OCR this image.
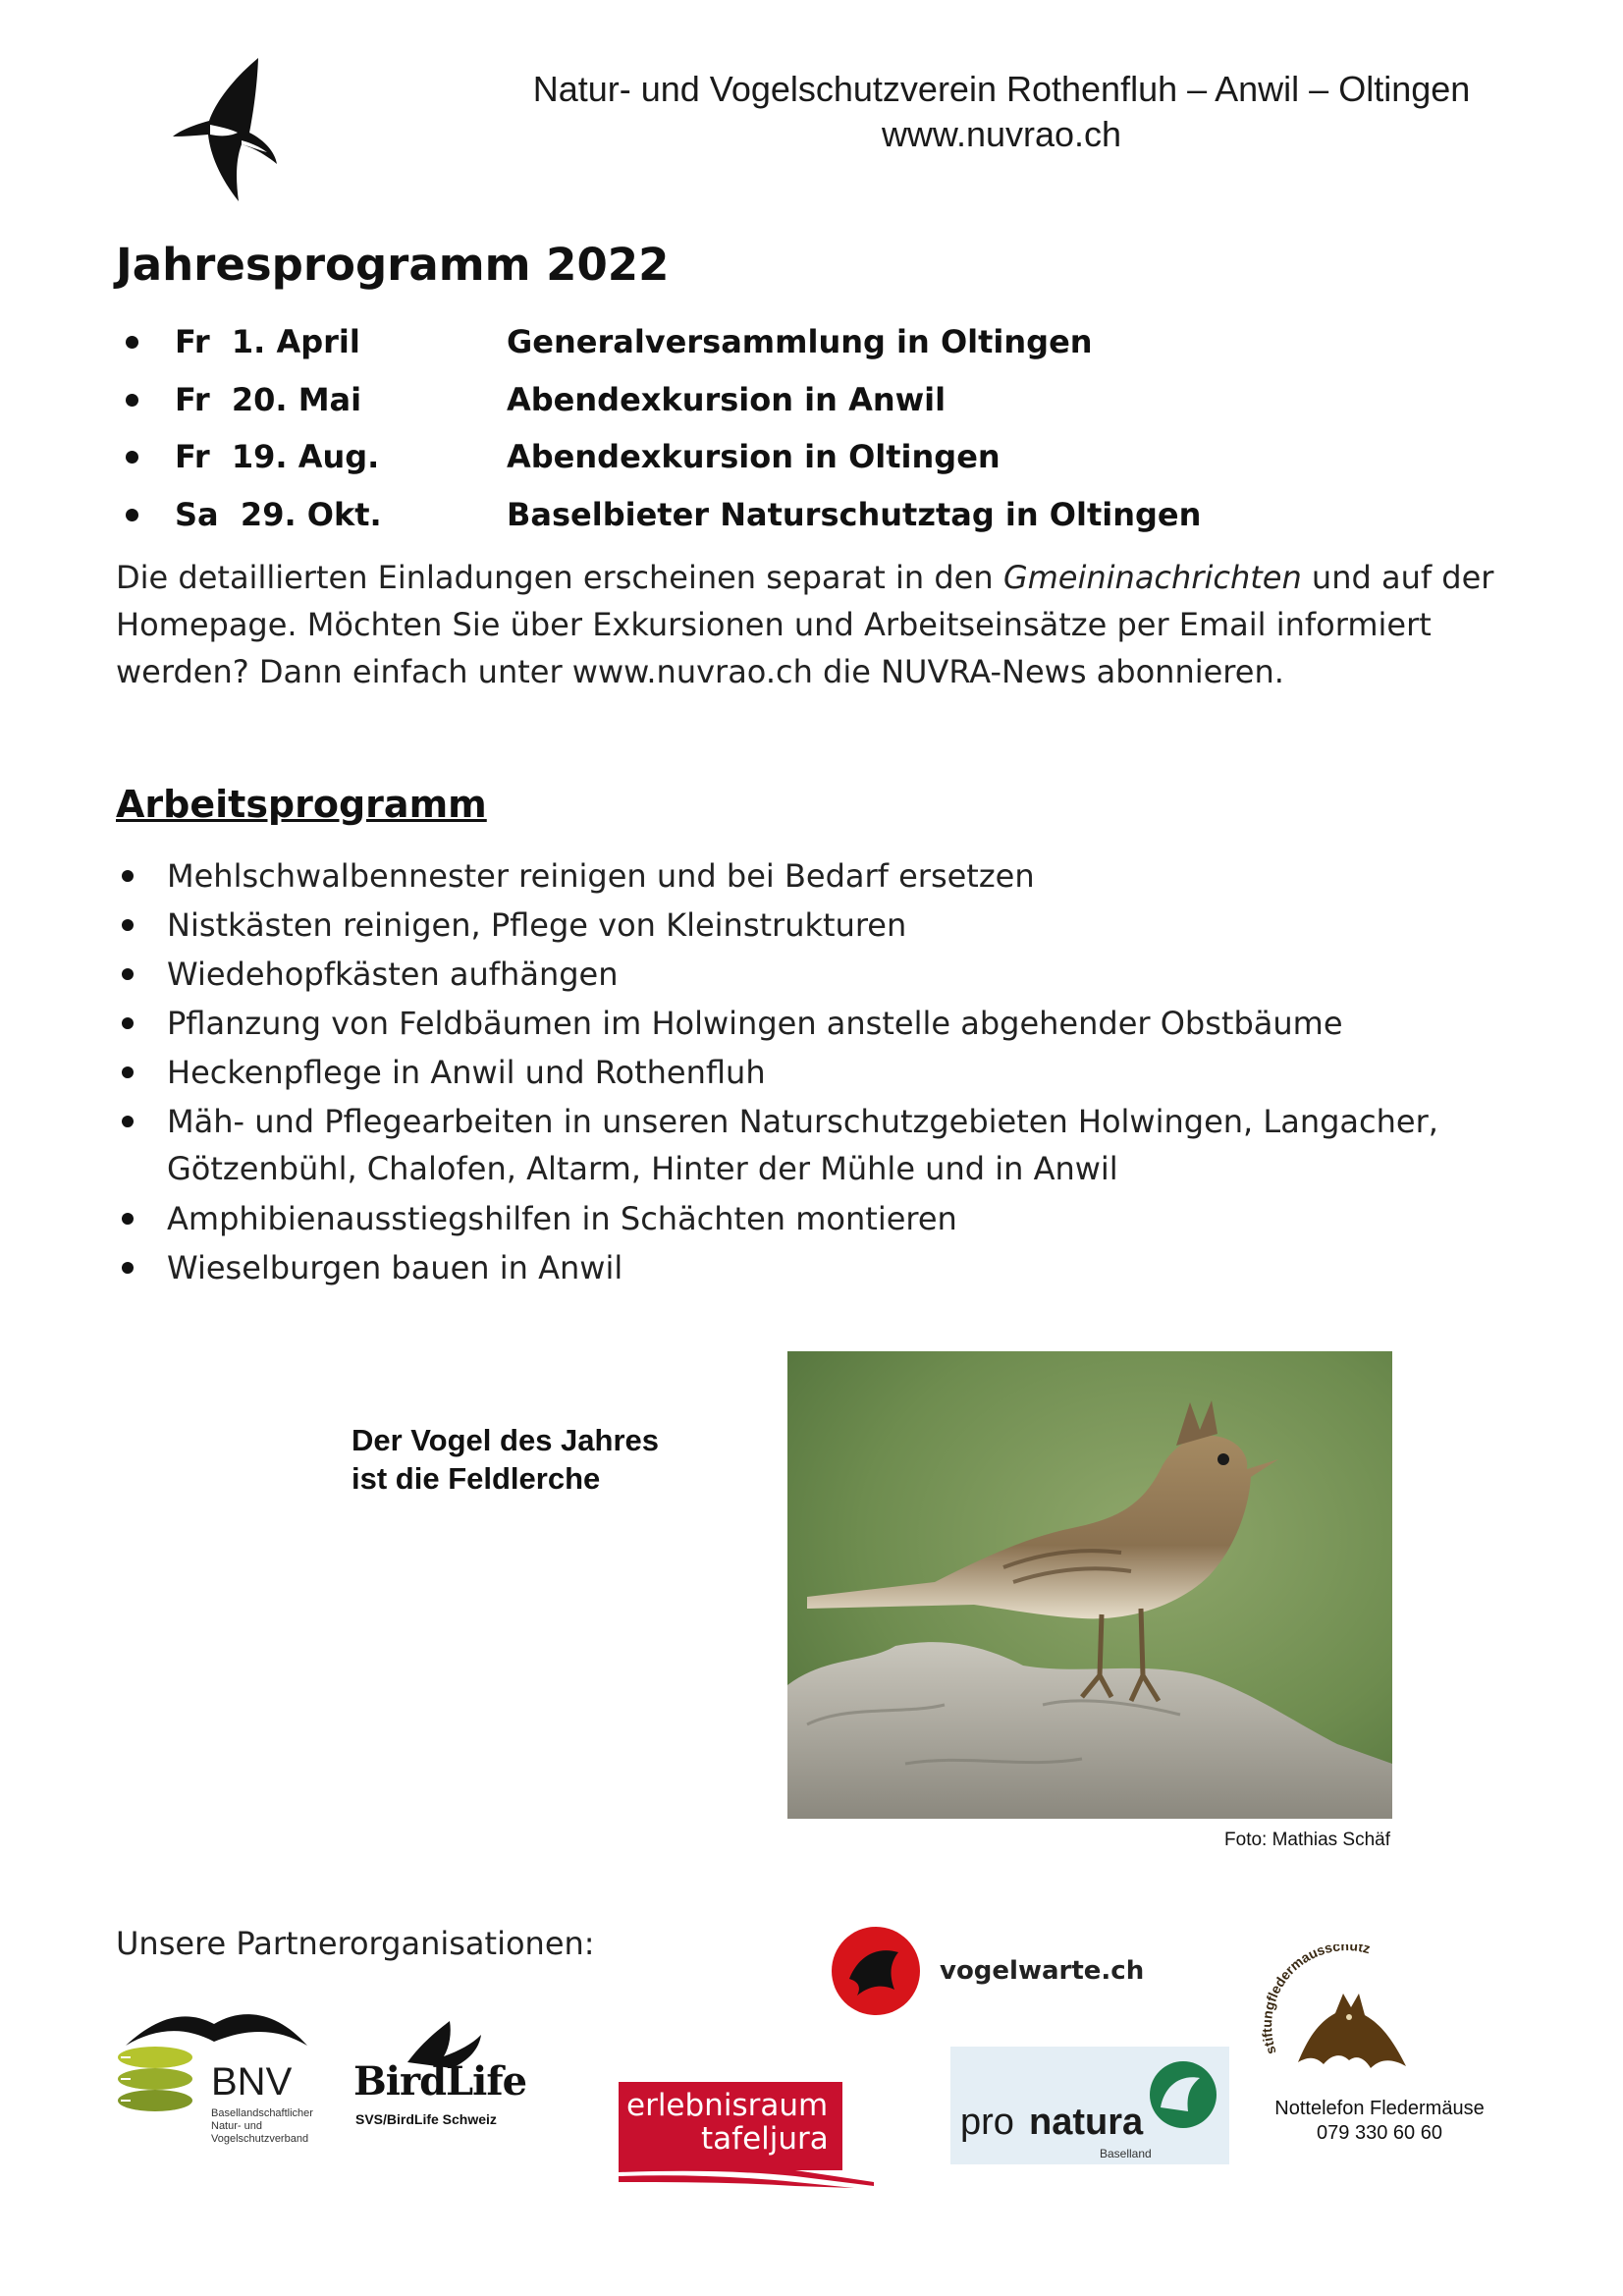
Natur- und Vogelschutzverein Rothenfluh – Anwil – Oltingen
www.nuvrao.ch
Jahresprogramm 2022
Fr  1. April	Generalversammlung in Oltingen
Fr  20. Mai	Abendexkursion in Anwil
Fr  19. Aug.	Abendexkursion in Oltingen
Sa  29. Okt.	Baselbieter Naturschutztag in Oltingen
Die detaillierten Einladungen erscheinen separat in den Gmeininachrichten und auf der Homepage. Möchten Sie über Exkursionen und Arbeitseinsätze per Email informiert werden? Dann einfach unter www.nuvrao.ch die NUVRA-News abonnieren.
Arbeitsprogramm
Mehlschwalbennester reinigen und bei Bedarf ersetzen
Nistkästen reinigen, Pflege von Kleinstrukturen
Wiedehopfkästen aufhängen
Pflanzung von Feldbäumen im Holwingen anstelle abgehender Obstbäume
Heckenpflege in Anwil und Rothenfluh
Mäh- und Pflegearbeiten in unseren Naturschutzgebieten Holwingen, Langacher, Götzenbühl, Chalofen, Altarm, Hinter der Mühle und in Anwil
Amphibienausstiegshilfen in Schächten montieren
Wieselburgen bauen in Anwil
Der Vogel des Jahres
ist die Feldlerche
Foto: Mathias Schäf
Unsere Partnerorganisationen:
BNV
Basellandschaftlicher
Natur- und
Vogelschutzverband
BirdLife
SVS/BirdLife Schweiz	erlebnisraum
tafeljura
vogelwarte.ch
pro natura
Baselland
stiftungfledermausschutz
Nottelefon Fledermäuse
079 330 60 60
